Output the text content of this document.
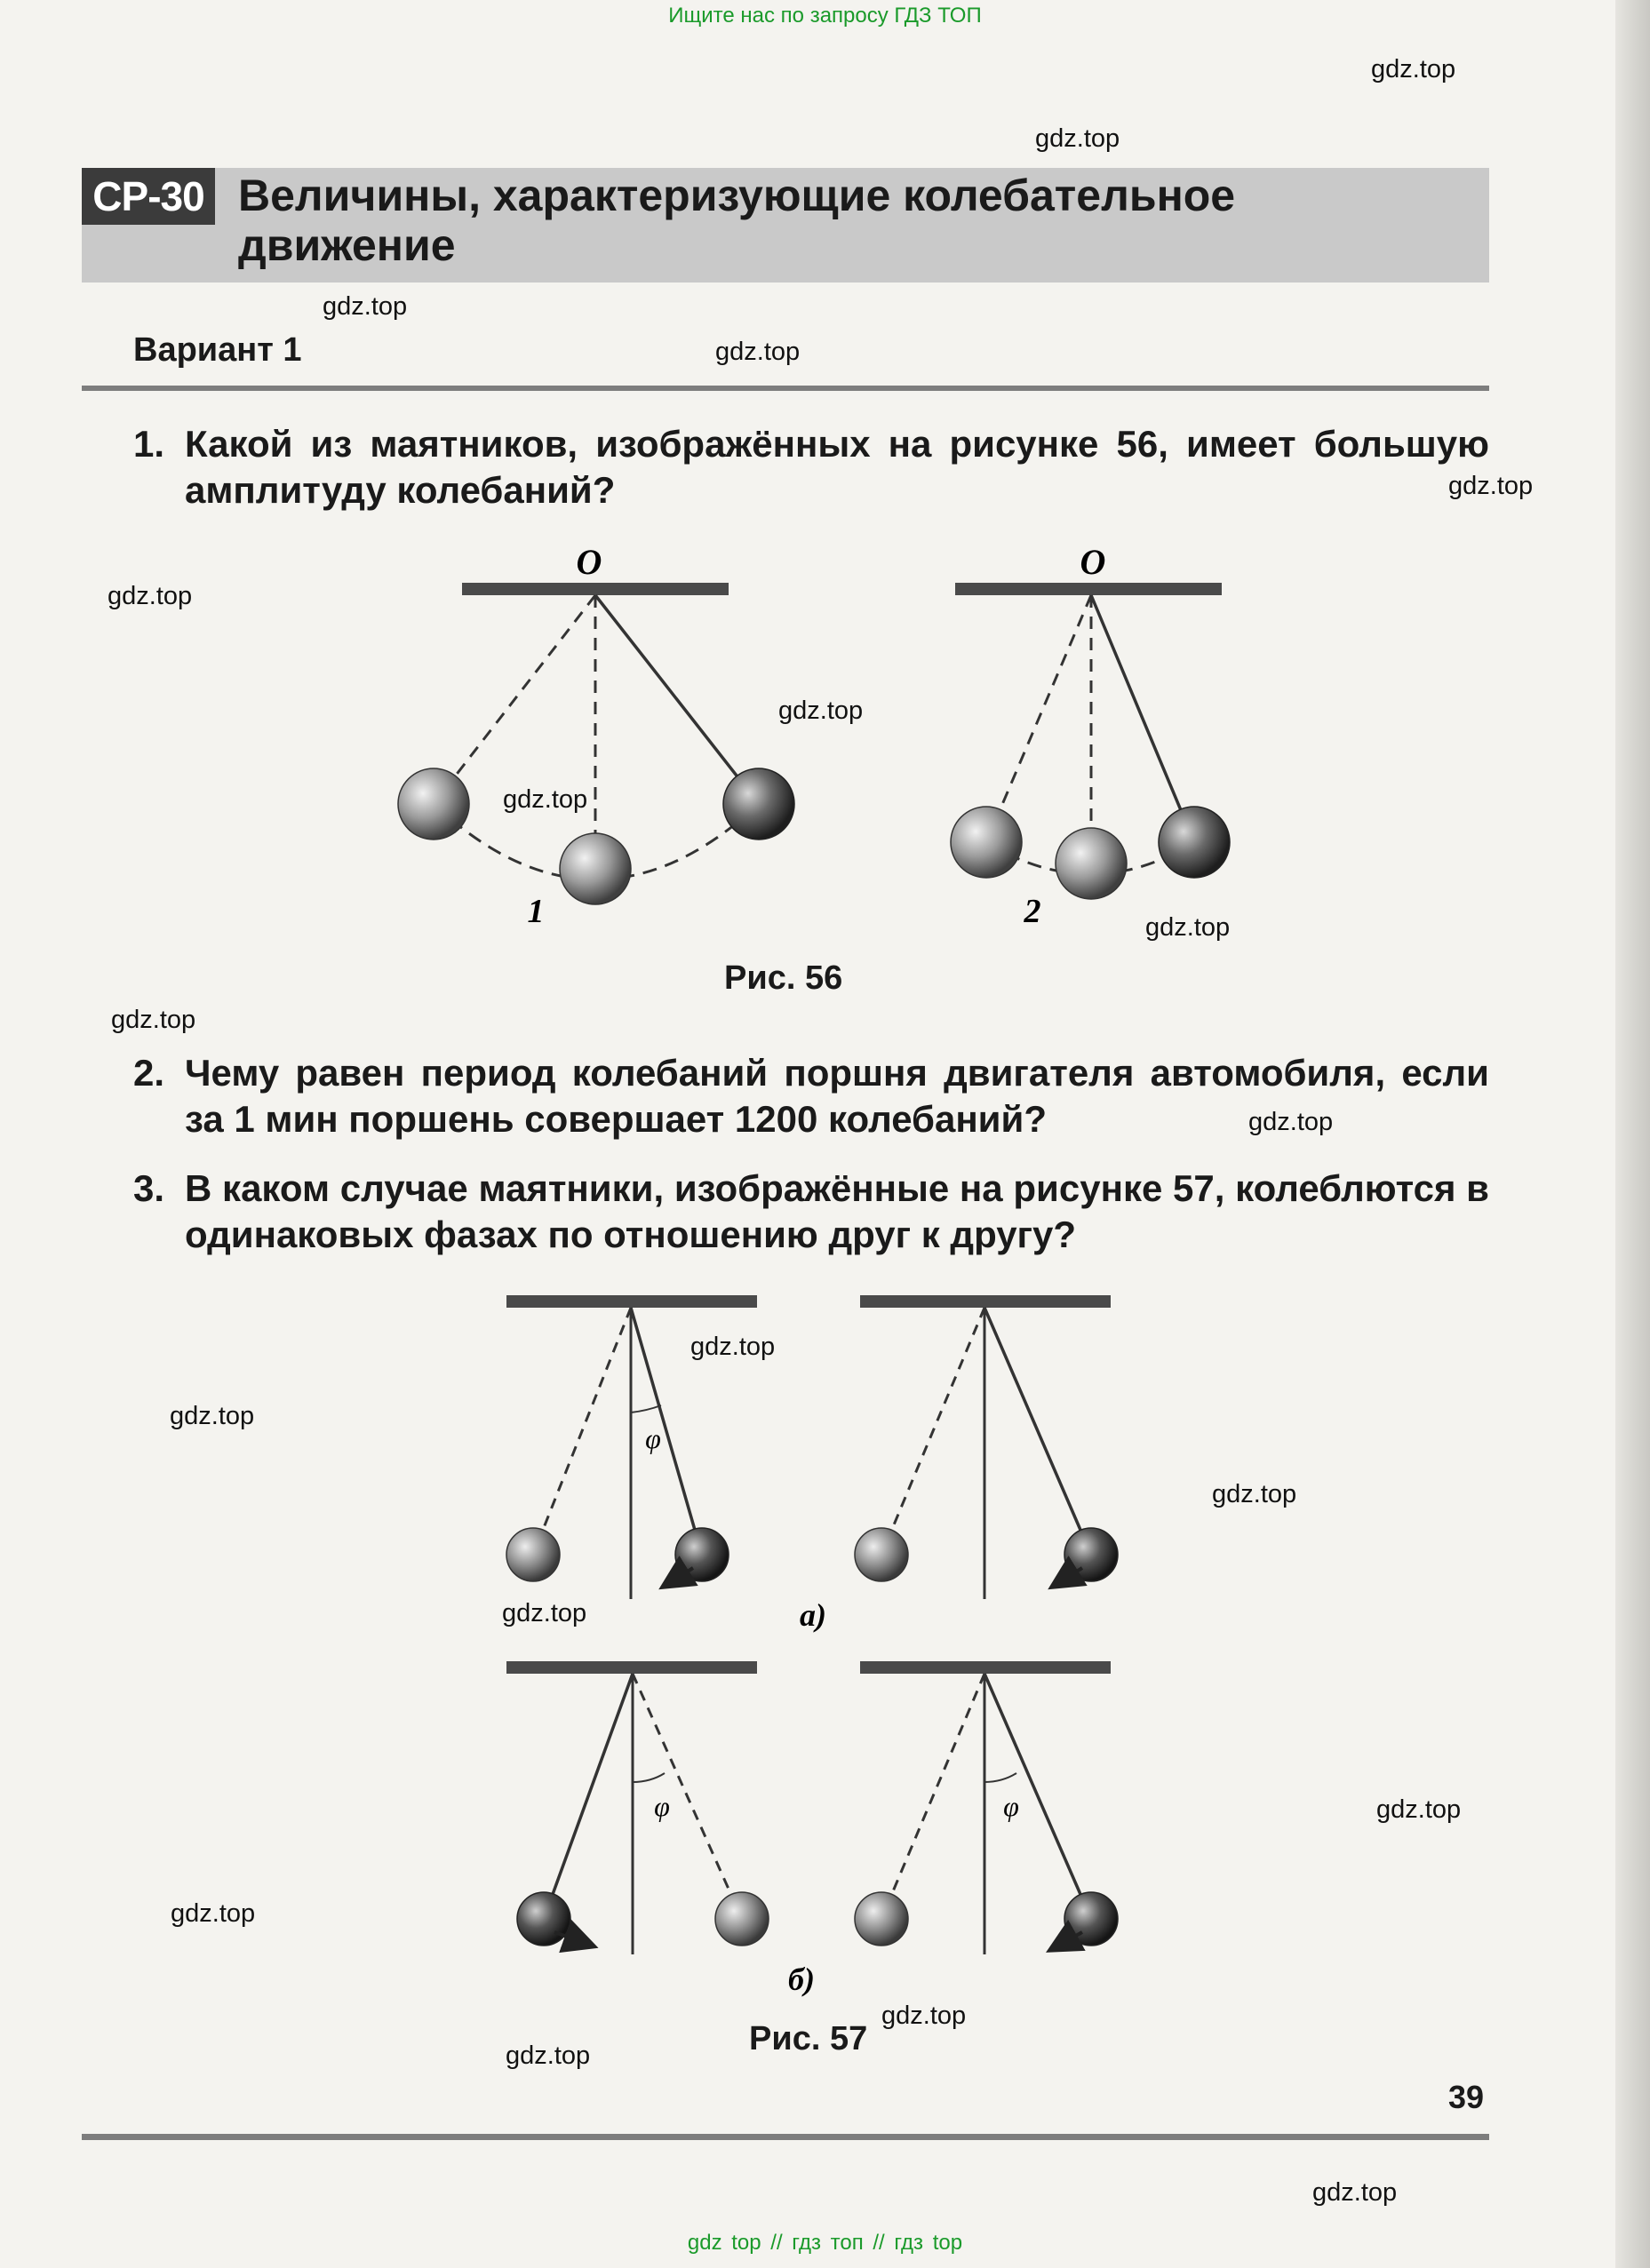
Ищите нас по запросу ГДЗ ТОП
gdz.top
gdz.top
gdz.top
gdz.top
gdz.top
gdz.top
gdz.top
gdz.top
gdz.top
gdz.top
gdz.top
gdz.top
gdz.top
gdz.top
gdz.top
gdz.top
gdz.top
gdz.top
gdz.top
gdz.top
СР-30 Величины, характеризующие колебательное
движение
Вариант 1
1. Какой из маятников, изображённых на рисунке 56, имеет большую амплитуду колебаний?
O
1
O
2
Рис. 56
2. Чему равен период колебаний поршня двигателя автомобиля, если за 1 мин поршень совершает 1200 колебаний?
3. В каком случае маятники, изображённые на рисунке 57, колеблются в одинаковых фазах по отношению друг к другу?
φ
а)
φ	φ
б)
Рис. 57
39
gdz top // гдз топ // гдз top
